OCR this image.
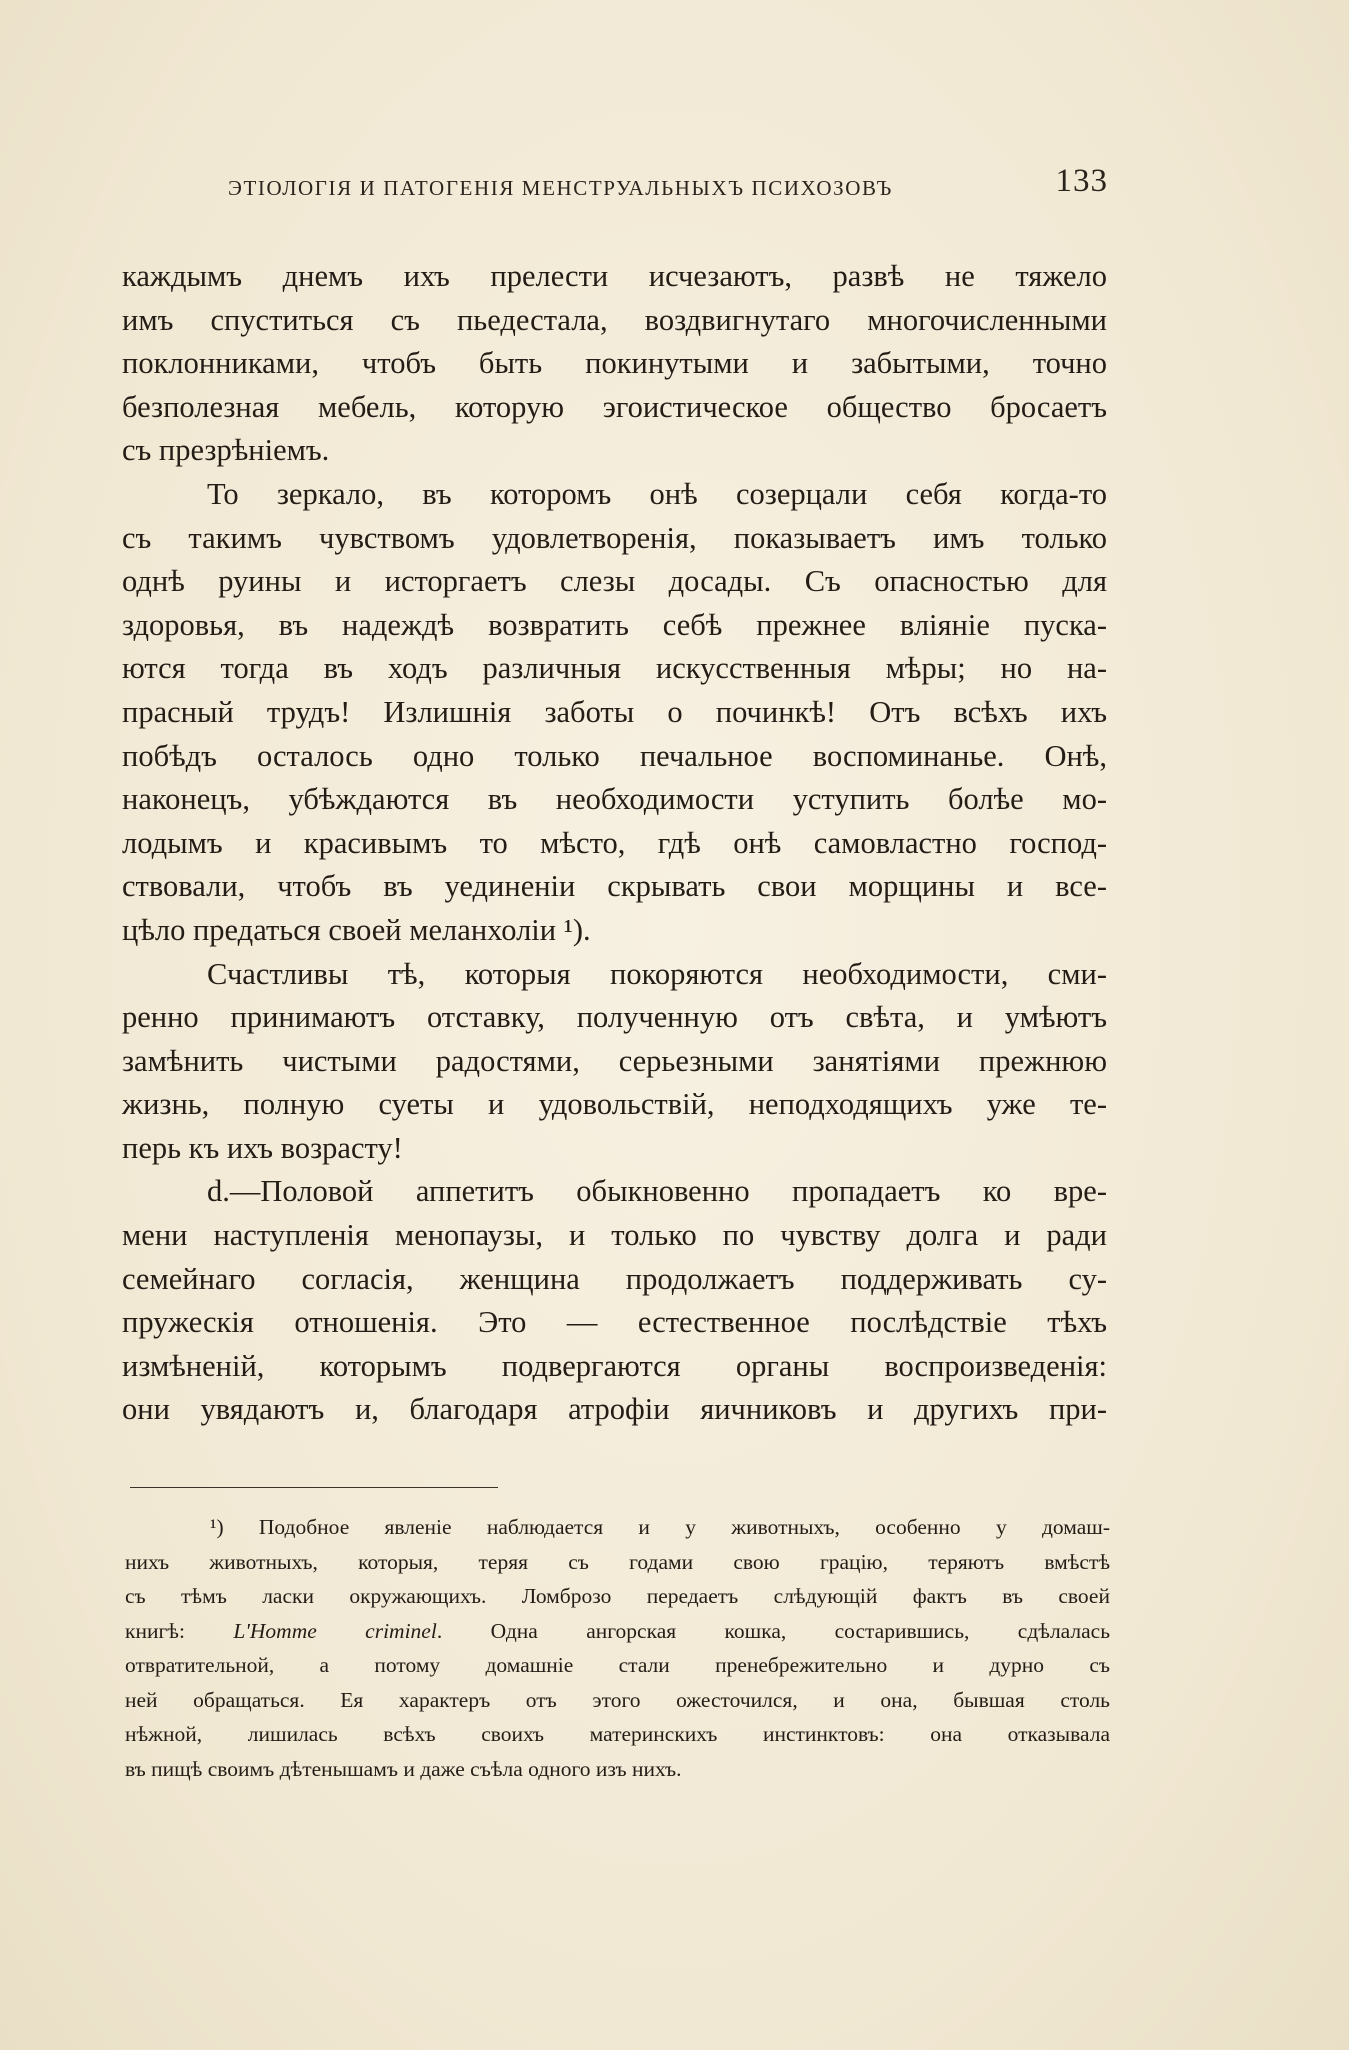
ЭТІОЛОГІЯ И ПАТОГЕНІЯ МЕНСТРУАЛЬНЫХЪ ПСИХОЗОВЪ	133
каждымъ днемъ ихъ прелести исчезаютъ, развѣ не тяжело
имъ спуститься съ пьедестала, воздвигнутаго многочисленными
поклонниками, чтобъ быть покинутыми и забытыми, точно
безполезная мебель, которую эгоистическое общество бросаетъ
съ презрѣніемъ.
То зеркало, въ которомъ онѣ созерцали себя когда-то
съ такимъ чувствомъ удовлетворенія, показываетъ имъ только
однѣ руины и исторгаетъ слезы досады. Съ опасностью для
здоровья, въ надеждѣ возвратить себѣ прежнее вліяніе пуска-
ются тогда въ ходъ различныя искусственныя мѣры; но на-
прасный трудъ! Излишнія заботы о починкѣ! Отъ всѣхъ ихъ
побѣдъ осталось одно только печальное воспоминанье. Онѣ,
наконецъ, убѣждаются въ необходимости уступить болѣе мо-
лодымъ и красивымъ то мѣсто, гдѣ онѣ самовластно господ-
ствовали, чтобъ въ уединеніи скрывать свои морщины и все-
цѣло предаться своей меланхоліи ¹).
Счастливы тѣ, которыя покоряются необходимости, сми-
ренно принимаютъ отставку, полученную отъ свѣта, и умѣютъ
замѣнить чистыми радостями, серьезными занятіями прежнюю
жизнь, полную суеты и удовольствій, неподходящихъ уже те-
перь къ ихъ возрасту!
d.—Половой аппетитъ обыкновенно пропадаетъ ко вре-
мени наступленія менопаузы, и только по чувству долга и ради
семейнаго согласія, женщина продолжаетъ поддерживать су-
пружескія отношенія. Это — естественное послѣдствіе тѣхъ
измѣненій, которымъ подвергаются органы воспроизведенія:
они увядаютъ и, благодаря атрофіи яичниковъ и другихъ при-
¹) Подобное явленіе наблюдается и у животныхъ, особенно у домаш-
нихъ животныхъ, которыя, теряя съ годами свою грацію, теряютъ вмѣстѣ
съ тѣмъ ласки окружающихъ. Ломброзо передаетъ слѣдующій фактъ въ своей
книгѣ: L'Homme criminel. Одна ангорская кошка, состарившись, сдѣлалась
отвратительной, а потому домашніе стали пренебрежительно и дурно съ
ней обращаться. Ея характеръ отъ этого ожесточился, и она, бывшая столь
нѣжной, лишилась всѣхъ своихъ материнскихъ инстинктовъ: она отказывала
въ пищѣ своимъ дѣтенышамъ и даже съѣла одного изъ нихъ.
